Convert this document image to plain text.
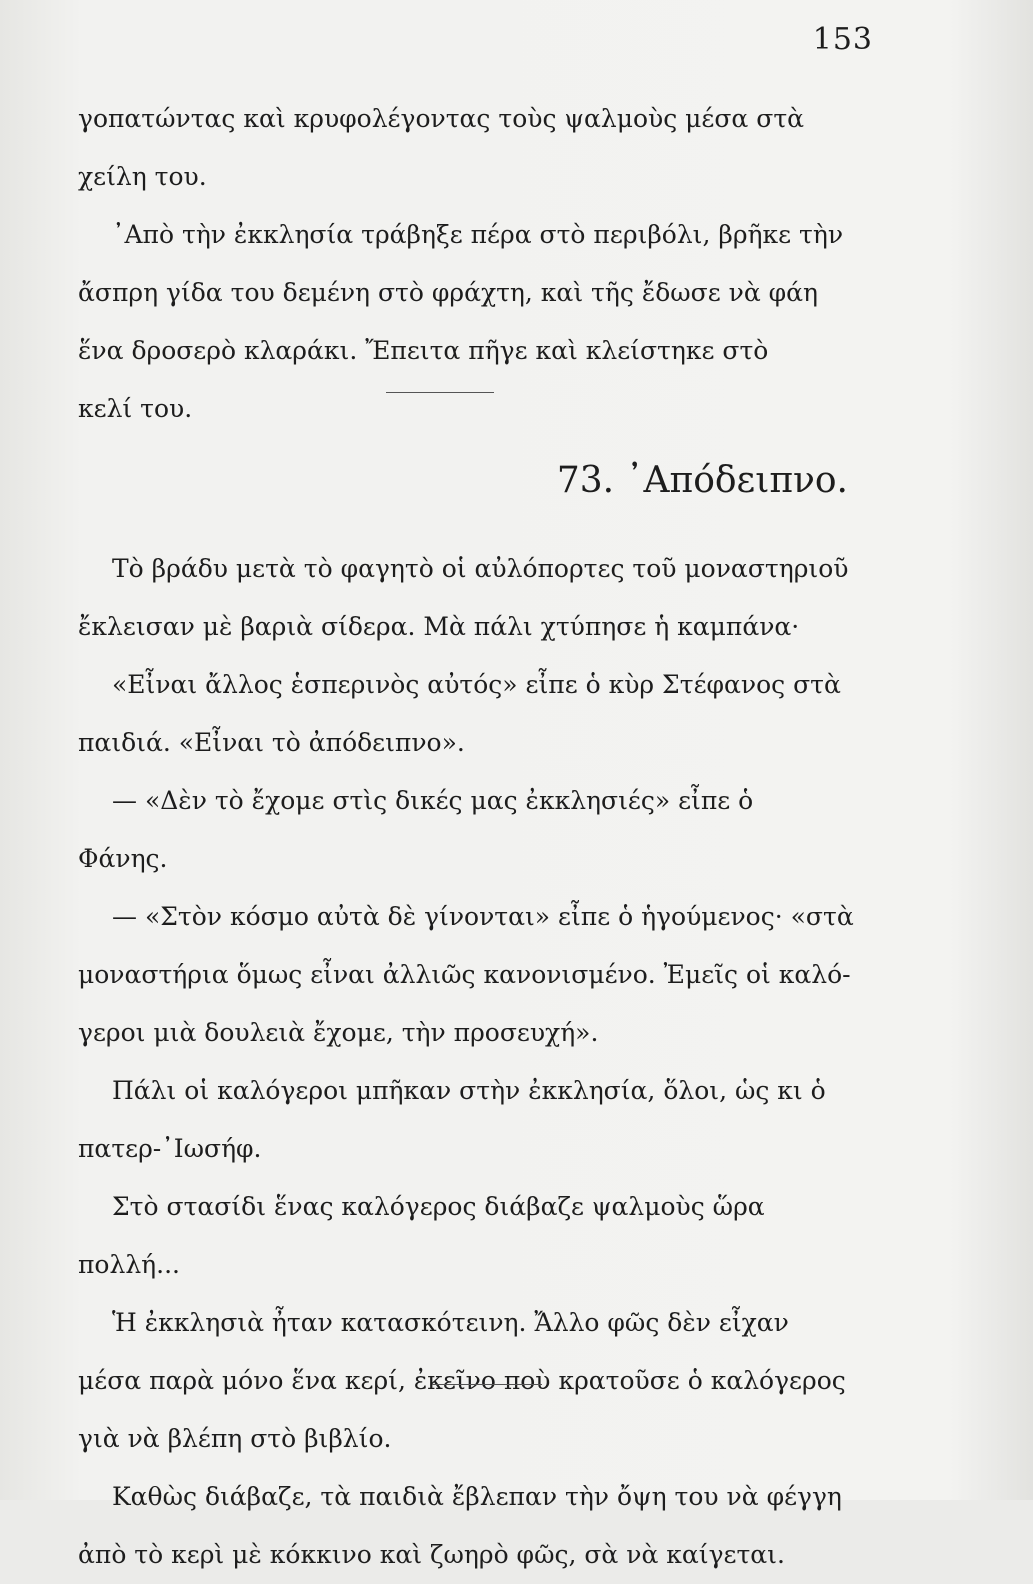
153
γοπατώντας καὶ κρυφολέγοντας τοὺς ψαλμοὺς μέσα στὰ
χείλη του.
᾿Απὸ τὴν ἐκκλησία τράβηξε πέρα στὸ περιβόλι, βρῆκε τὴν
ἄσπρη γίδα του δεμένη στὸ φράχτη, καὶ τῆς ἔδωσε νὰ φάη
ἕνα δροσερὸ κλαράκι. Ἔπειτα πῆγε καὶ κλείστηκε στὸ
κελί του.
73. ᾿Απόδειπνο.
Τὸ βράδυ μετὰ τὸ φαγητὸ οἱ αὐλόπορτες τοῦ μοναστηριοῦ
ἔκλεισαν μὲ βαριὰ σίδερα. Μὰ πάλι χτύπησε ἡ καμπάνα·
«Εἶναι ἄλλος ἑσπερινὸς αὐτός» εἶπε ὁ κὺρ Στέφανος στὰ
παιδιά. «Εἶναι τὸ ἀπόδειπνο».
— «Δὲν τὸ ἔχομε στὶς δικές μας ἐκκλησιές» εἶπε ὁ
Φάνης.
— «Στὸν κόσμο αὐτὰ δὲ γίνονται» εἶπε ὁ ἡγούμενος· «στὰ
μοναστήρια ὅμως εἶναι ἀλλιῶς κανονισμένο. Ἐμεῖς οἱ καλό-
γεροι μιὰ δουλειὰ ἔχομε, τὴν προσευχή».
Πάλι οἱ καλόγεροι μπῆκαν στὴν ἐκκλησία, ὅλοι, ὡς κι ὁ
πατερ-᾿Ιωσήφ.
Στὸ στασίδι ἕνας καλόγερος διάβαζε ψαλμοὺς ὥρα
πολλή...
Ἡ ἐκκλησιὰ ἦταν κατασκότεινη. Ἄλλο φῶς δὲν εἶχαν
μέσα παρὰ μόνο ἕνα κερί, ἐκεῖνο ποὺ κρατοῦσε ὁ καλόγερος
γιὰ νὰ βλέπη στὸ βιβλίο.
Καθὼς διάβαζε, τὰ παιδιὰ ἔβλεπαν τὴν ὄψη του νὰ φέγγη
ἀπὸ τὸ κερὶ μὲ κόκκινο καὶ ζωηρὸ φῶς, σὰ νὰ καίγεται.
